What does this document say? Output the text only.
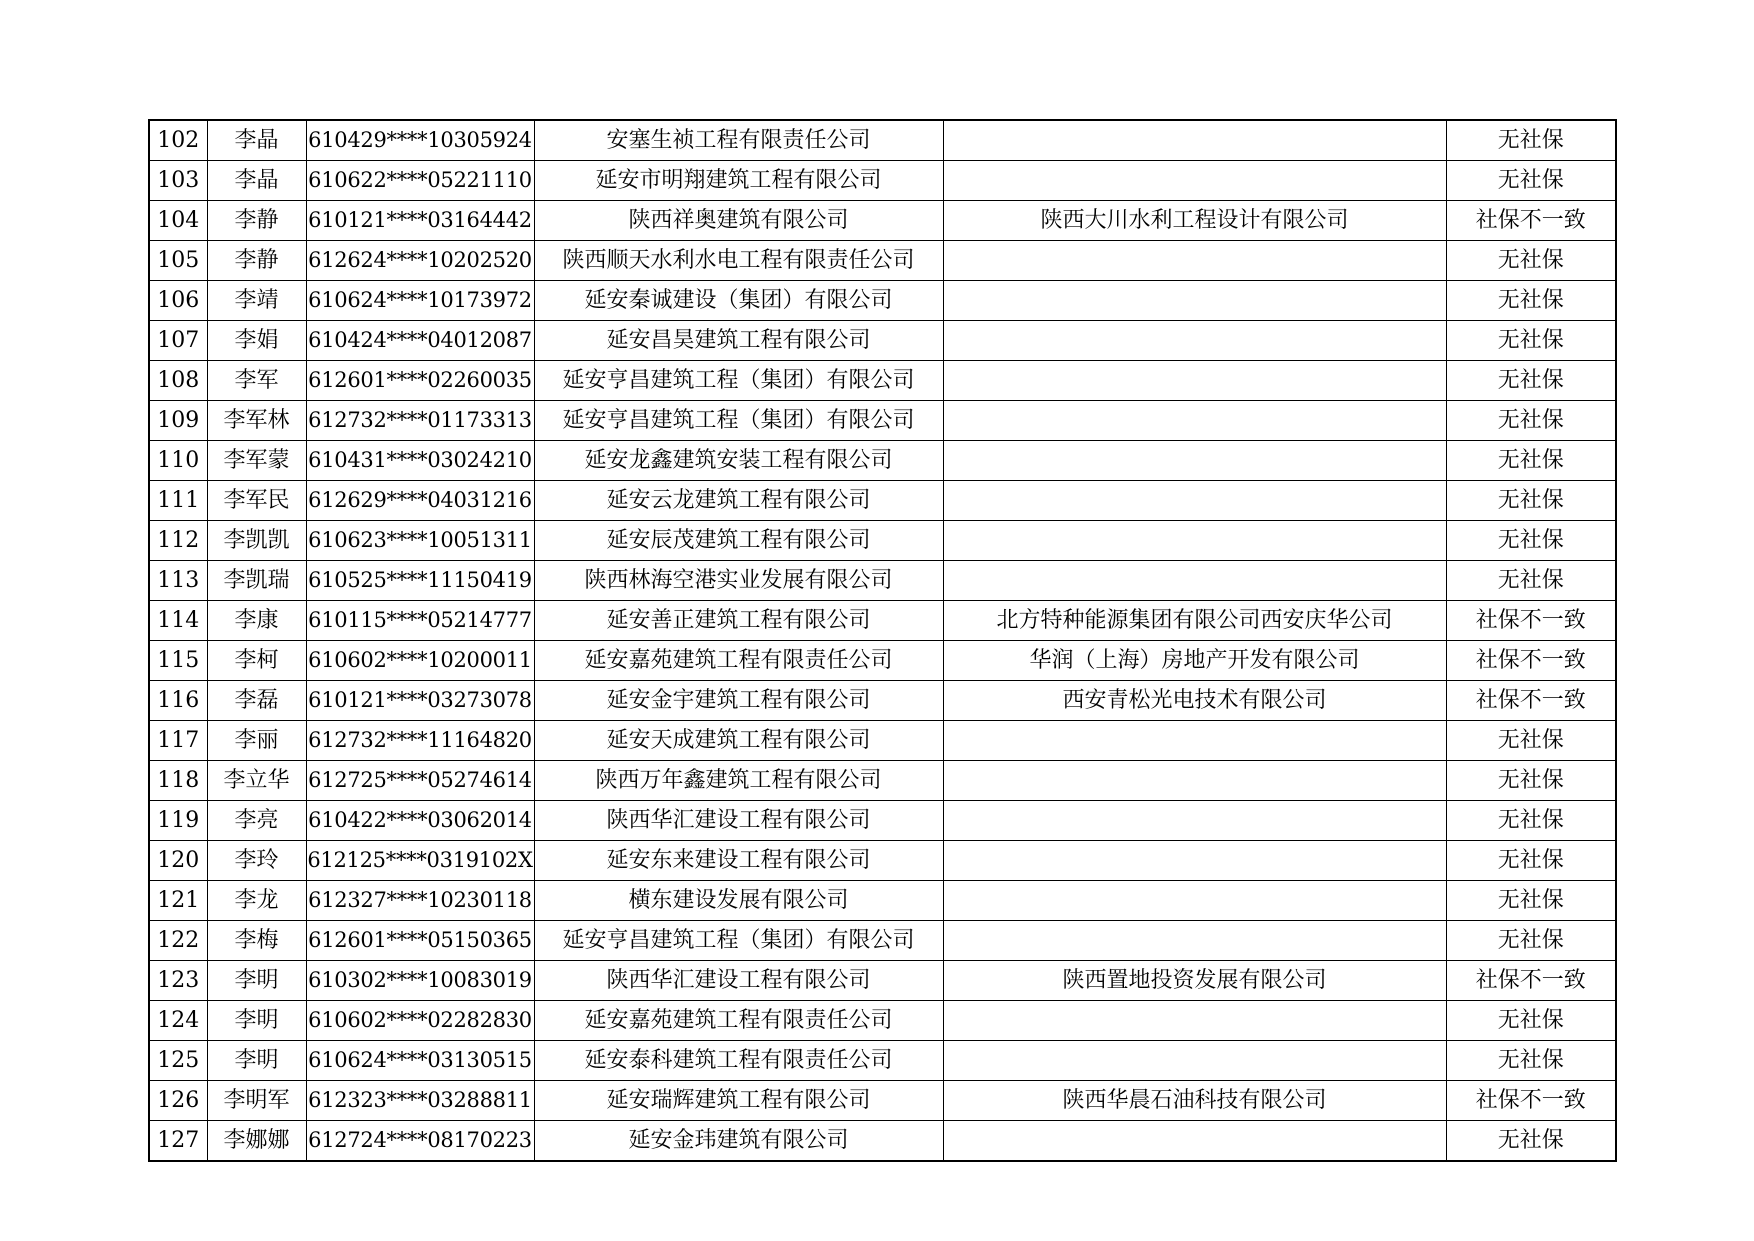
102	李晶	610429****10305924	安塞生祯工程有限责任公司		无社保
103	李晶	610622****05221110	延安市明翔建筑工程有限公司		无社保
104	李静	610121****03164442	陕西祥奥建筑有限公司	陕西大川水利工程设计有限公司	社保不一致
105	李静	612624****10202520	陕西顺天水利水电工程有限责任公司		无社保
106	李靖	610624****10173972	延安秦诚建设（集团）有限公司		无社保
107	李娟	610424****04012087	延安昌昊建筑工程有限公司		无社保
108	李军	612601****02260035	延安亨昌建筑工程（集团）有限公司		无社保
109	李军林	612732****01173313	延安亨昌建筑工程（集团）有限公司		无社保
110	李军蒙	610431****03024210	延安龙鑫建筑安装工程有限公司		无社保
111	李军民	612629****04031216	延安云龙建筑工程有限公司		无社保
112	李凯凯	610623****10051311	延安辰茂建筑工程有限公司		无社保
113	李凯瑞	610525****11150419	陕西林海空港实业发展有限公司		无社保
114	李康	610115****05214777	延安善正建筑工程有限公司	北方特种能源集团有限公司西安庆华公司	社保不一致
115	李柯	610602****10200011	延安嘉苑建筑工程有限责任公司	华润（上海）房地产开发有限公司	社保不一致
116	李磊	610121****03273078	延安金宇建筑工程有限公司	西安青松光电技术有限公司	社保不一致
117	李丽	612732****11164820	延安天成建筑工程有限公司		无社保
118	李立华	612725****05274614	陕西万年鑫建筑工程有限公司		无社保
119	李亮	610422****03062014	陕西华汇建设工程有限公司		无社保
120	李玲	612125****0319102X	延安东来建设工程有限公司		无社保
121	李龙	612327****10230118	横东建设发展有限公司		无社保
122	李梅	612601****05150365	延安亨昌建筑工程（集团）有限公司		无社保
123	李明	610302****10083019	陕西华汇建设工程有限公司	陕西置地投资发展有限公司	社保不一致
124	李明	610602****02282830	延安嘉苑建筑工程有限责任公司		无社保
125	李明	610624****03130515	延安泰科建筑工程有限责任公司		无社保
126	李明军	612323****03288811	延安瑞辉建筑工程有限公司	陕西华晨石油科技有限公司	社保不一致
127	李娜娜	612724****08170223	延安金玮建筑有限公司		无社保
